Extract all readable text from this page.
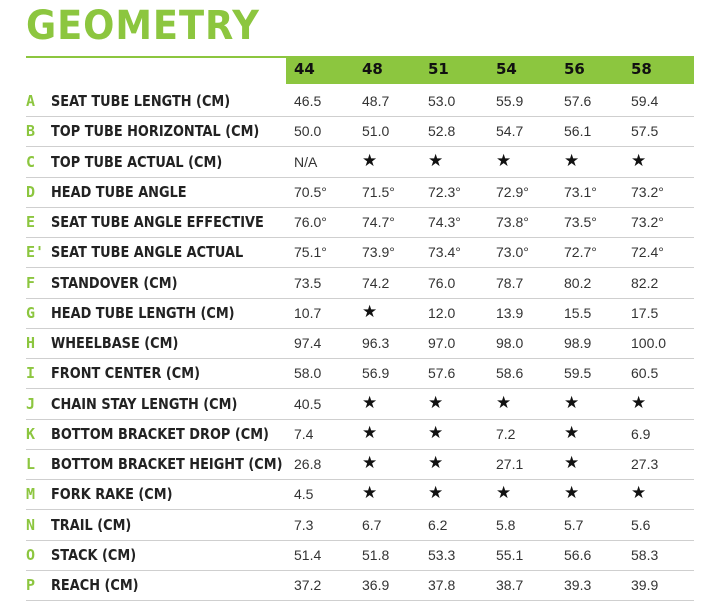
GEOMETRY
44	48	51	54	56	58
A SEAT TUBE LENGTH (CM)	46.5	48.7	53.0	55.9	57.6	59.4
B TOP TUBE HORIZONTAL (CM) 50.0	51.0	52.8	54.7	56.1	57.5
C TOP TUBE ACTUAL (CM)	N/A	★	★	★	★	★
D HEAD TUBE ANGLE	70.5°	71.5° 72.3°	72.9°	73.1° 73.2°
E SEAT TUBE ANGLE EFFECTIVE 76.0°	74.7° 74.3°	73.8°	73.5° 73.2°
E' SEAT TUBE ANGLE ACTUAL	75.1°	73.9° 73.4°	73.0°	72.7° 72.4°
F STANDOVER (CM)	73.5	74.2	76.0	78.7	80.2	82.2
G HEAD TUBE LENGTH (CM)	10.7 ★	12.0	13.9	15.5	17.5
H WHEELBASE (CM)	97.4	96.3	97.0	98.0	98.9	100.0
I FRONT CENTER (CM)	58.0	56.9	57.6	58.6	59.5	60.5
J CHAIN STAY LENGTH (CM)	40.5 ★	★	★	★	★
K BOTTOM BRACKET DROP (CM) 7.4	★	★	7.2	★	6.9
L BOTTOM BRACKET HEIGHT (CM) 26.8 ★	★	27.1 ★	27.3
M FORK RAKE (CM)	4.5	★	★	★	★	★
N TRAIL (CM)	7.3	6.7	6.2	5.8	5.7	5.6
O STACK (CM)	51.4	51.8	53.3	55.1	56.6	58.3
P REACH (CM)	37.2	36.9	37.8	38.7	39.3	39.9
